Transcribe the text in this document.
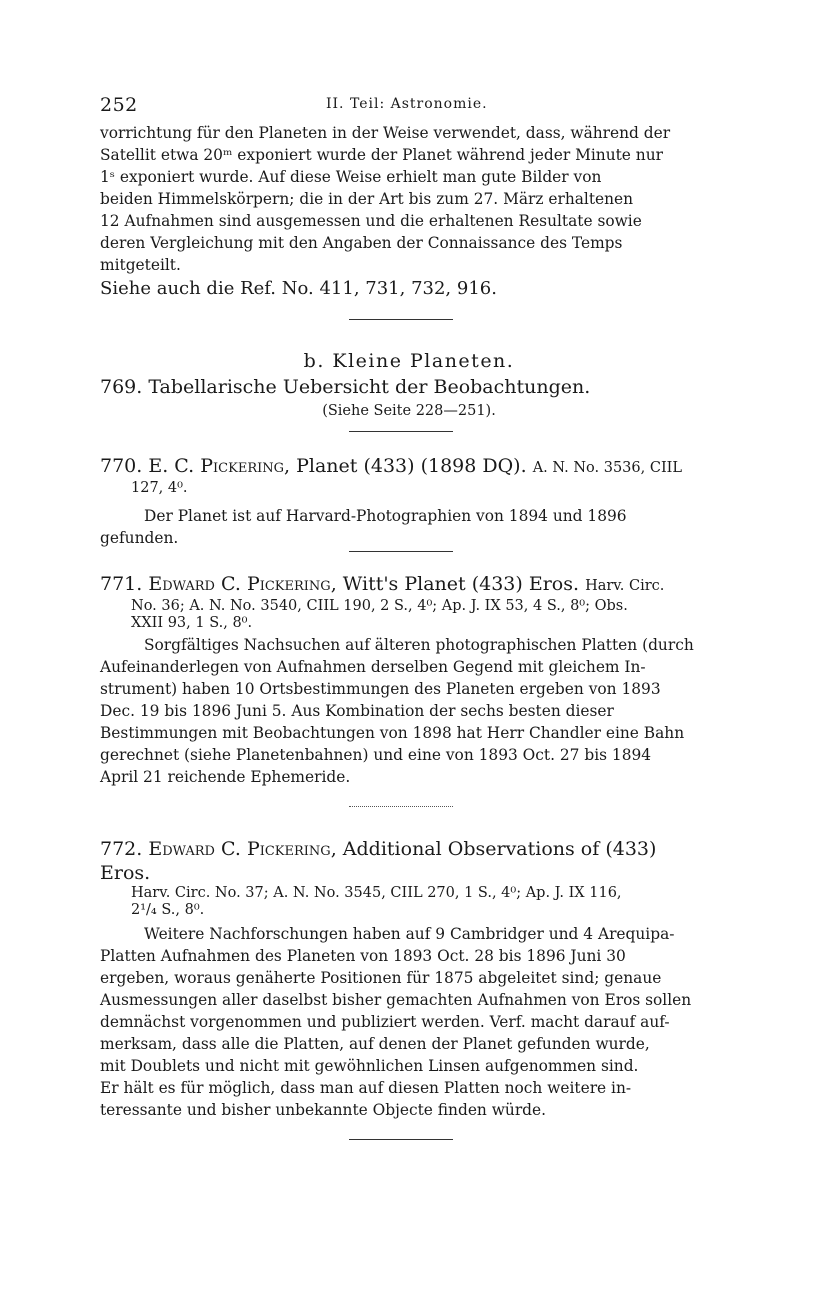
252	II. Teil: Astronomie.

vorrichtung für den Planeten in der Weise verwendet, dass, während der

Satellit etwa 20ᵐ exponiert wurde der Planet während jeder Minute nur

1ˢ exponiert wurde. Auf diese Weise erhielt man gute Bilder von

beiden Himmelskörpern; die in der Art bis zum 27. März erhaltenen

12 Aufnahmen sind ausgemessen und die erhaltenen Resultate sowie

deren Vergleichung mit den Angaben der Connaissance des Temps

mitgeteilt.

Siehe auch die Ref. No. 411, 731, 732, 916.

b. Kleine Planeten.

769. Tabellarische Uebersicht der Beobachtungen.

(Siehe Seite 228—251).

770. E. C. Pickering, Planet (433) (1898 DQ). A. N. No. 3536, CIIL

127, 4⁰.

Der Planet ist auf Harvard-Photographien von 1894 und 1896

gefunden.

771. Edward C. Pickering, Witt's Planet (433) Eros. Harv. Circ.

No. 36; A. N. No. 3540, CIIL 190, 2 S., 4⁰; Ap. J. IX 53, 4 S., 8⁰; Obs.

XXII 93, 1 S., 8⁰.

Sorgfältiges Nachsuchen auf älteren photographischen Platten (durch

Aufeinanderlegen von Aufnahmen derselben Gegend mit gleichem In-

strument) haben 10 Ortsbestimmungen des Planeten ergeben von 1893

Dec. 19 bis 1896 Juni 5. Aus Kombination der sechs besten dieser

Bestimmungen mit Beobachtungen von 1898 hat Herr Chandler eine Bahn

gerechnet (siehe Planetenbahnen) und eine von 1893 Oct. 27 bis 1894

April 21 reichende Ephemeride.

772. Edward C. Pickering, Additional Observations of (433) Eros.

Harv. Circ. No. 37; A. N. No. 3545, CIIL 270, 1 S., 4⁰; Ap. J. IX 116,

2¹/₄ S., 8⁰.

Weitere Nachforschungen haben auf 9 Cambridger und 4 Arequipa-

Platten Aufnahmen des Planeten von 1893 Oct. 28 bis 1896 Juni 30

ergeben, woraus genäherte Positionen für 1875 abgeleitet sind; genaue

Ausmessungen aller daselbst bisher gemachten Aufnahmen von Eros sollen

demnächst vorgenommen und publiziert werden. Verf. macht darauf auf-

merksam, dass alle die Platten, auf denen der Planet gefunden wurde,

mit Doublets und nicht mit gewöhnlichen Linsen aufgenommen sind.

Er hält es für möglich, dass man auf diesen Platten noch weitere in-

teressante und bisher unbekannte Objecte finden würde.
